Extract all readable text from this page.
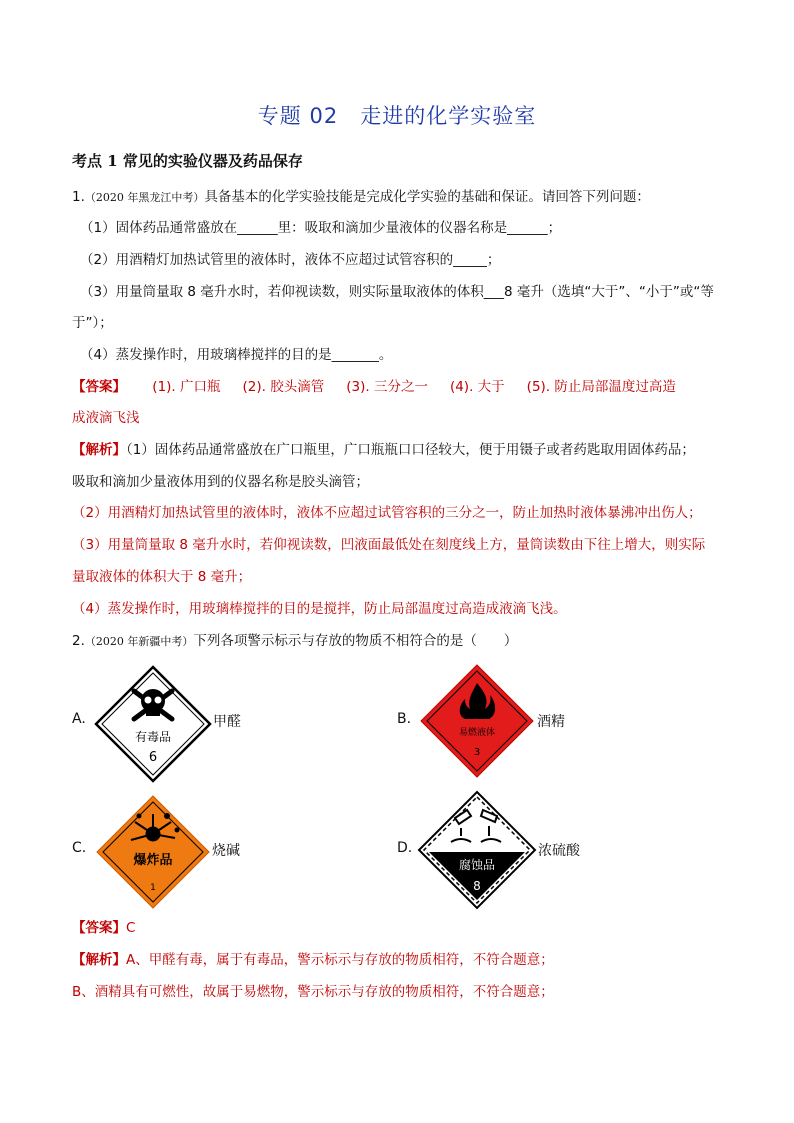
专题 02　走进的化学实验室
考点 1 常见的实验仪器及药品保存
1.（2020 年黑龙江中考）具备基本的化学实验技能是完成化学实验的基础和保证。请回答下列问题：
（1）固体药品通常盛放在______里：吸取和滴加少量液体的仪器名称是______；
（2）用酒精灯加热试管里的液体时，液体不应超过试管容积的_____；
（3）用量筒量取 8 毫升水时，若仰视读数，则实际量取液体的体积___8 毫升（选填“大于”、“小于”或“等
于”）；
（4）蒸发操作时，用玻璃棒搅拌的目的是_______。
【答案】 (1). 广口瓶 (2). 胶头滴管 (3). 三分之一 (4). 大于 (5). 防止局部温度过高造
成液滴飞浅
【解析】（1）固体药品通常盛放在广口瓶里，广口瓶瓶口口径较大，便于用镊子或者药匙取用固体药品；
吸取和滴加少量液体用到的仪器名称是胶头滴管；
（2）用酒精灯加热试管里的液体时，液体不应超过试管容积的三分之一，防止加热时液体暴沸冲出伤人；
（3）用量筒量取 8 毫升水时，若仰视读数，凹液面最低处在刻度线上方，量筒读数由下往上增大，则实际
量取液体的体积大于 8 毫升；
（4）蒸发操作时，用玻璃棒搅拌的目的是搅拌，防止局部温度过高造成液滴飞浅。
2.（2020 年新疆中考）下列各项警示标示与存放的物质不相符合的是（　　）
A.
有毒品
6
甲醛	B.
易燃液体
3
酒精
C.
爆炸品
1
烧碱	D.
腐蚀品
8
浓硫酸
【答案】C
【解析】A、甲醛有毒，属于有毒品，警示标示与存放的物质相符，不符合题意；
B、酒精具有可燃性，故属于易燃物，警示标示与存放的物质相符，不符合题意；
